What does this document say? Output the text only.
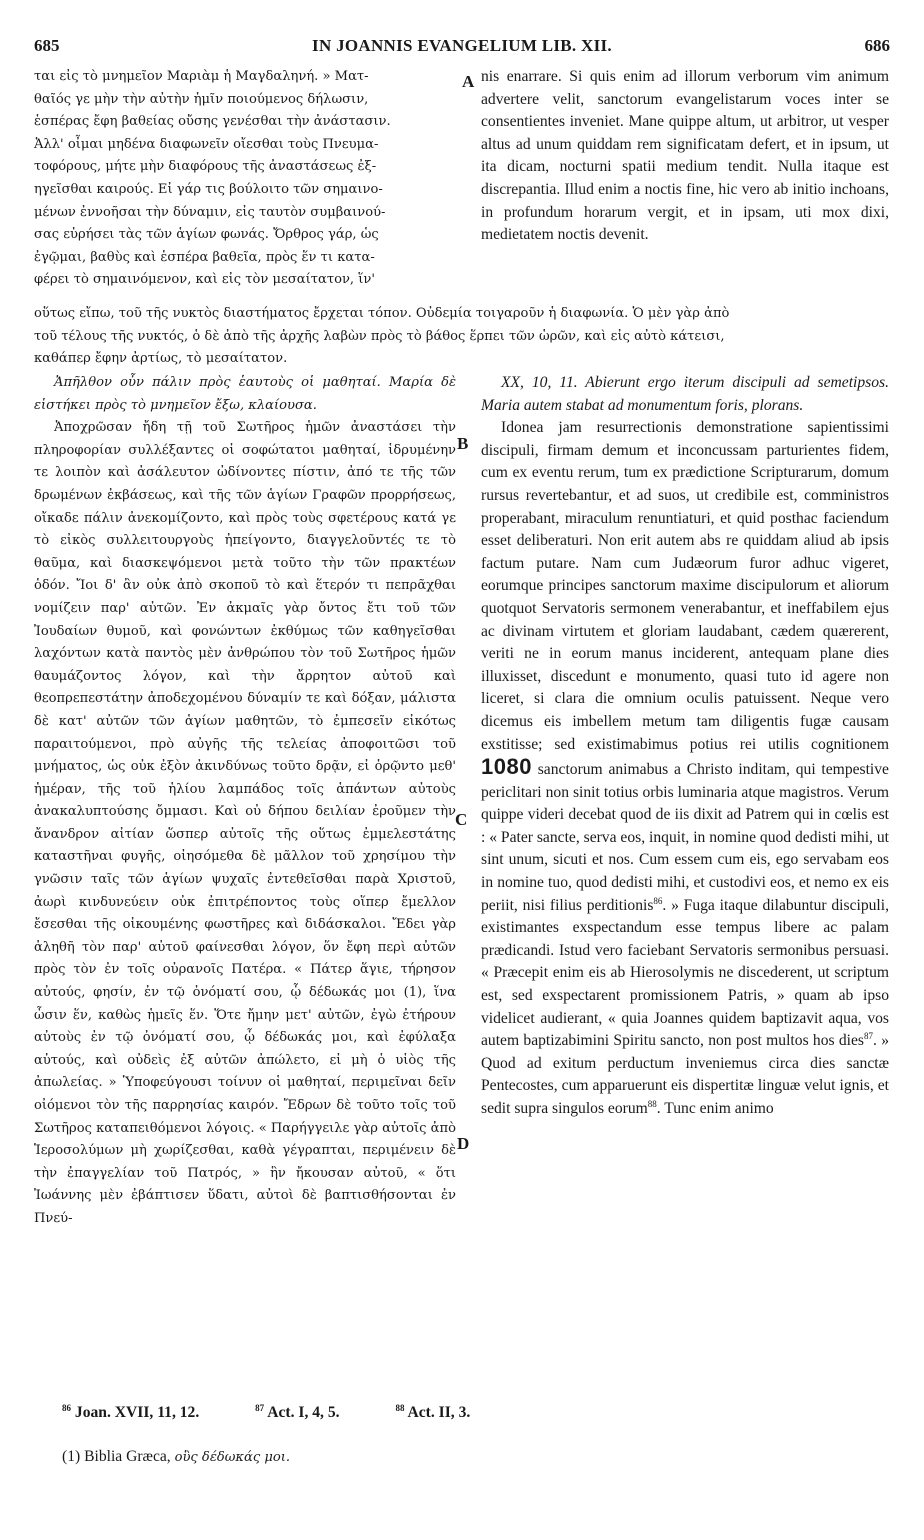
685	IN JOANNIS EVANGELIUM LIB. XII.	686
ται εἰς τὸ μνημεῖον Μαριὰμ ἡ Μαγδαληνή. » Ματ-
θαῖός γε μὴν τὴν αὐτὴν ἡμῖν ποιούμενος δήλωσιν,
ἑσπέρας ἔφη βαθείας οὔσης γενέσθαι τὴν ἀνάστασιν.
Ἀλλ' οἶμαι μηδένα διαφωνεῖν οἴεσθαι τοὺς Πνευμα-
τοφόρους, μήτε μὴν διαφόρους τῆς ἀναστάσεως ἐξ-
ηγεῖσθαι καιρούς. Εἰ γάρ τις βούλοιτο τῶν σημαινο-
μένων ἐννοῆσαι τὴν δύναμιν, εἰς ταυτὸν συμβαινού-
σας εὑρήσει τὰς τῶν ἁγίων φωνάς. Ὄρθρος γάρ, ὡς
ἐγῷμαι, βαθὺς καὶ ἑσπέρα βαθεῖα, πρὸς ἕν τι κατα-
φέρει τὸ σημαινόμενον, καὶ εἰς τὸν μεσαίτατον, ἵν'

nis enarrare. Si quis enim ad illorum verborum vim animum advertere velit, sanctorum evangelistarum voces inter se consentientes inveniet. Mane quippe altum, ut arbitror, ut vesper altus ad unum quiddam rem significatam defert, et in ipsum, ut ita dicam, nocturni spatii medium tendit. Nulla itaque est discrepantia. Illud enim a noctis fine, hic vero ab initio inchoans, in profundum horarum vergit, et in ipsam, uti mox dixi, medietatem noctis devenit.

οὕτως εἴπω, τοῦ τῆς νυκτὸς διαστήματος ἔρχεται τόπον. Οὐδεμία τοιγαροῦν ἡ διαφωνία. Ὁ μὲν γὰρ ἀπὸ
τοῦ τέλους τῆς νυκτός, ὁ δὲ ἀπὸ τῆς ἀρχῆς λαβὼν πρὸς τὸ βάθος ἕρπει τῶν ὡρῶν, καὶ εἰς αὐτὸ κάτεισι,
καθάπερ ἔφην ἀρτίως, τὸ μεσαίτατον.

Ἀπῆλθον οὖν πάλιν πρὸς ἑαυτοὺς οἱ μαθηταί. Μαρία δὲ εἱστήκει πρὸς τὸ μνημεῖον ἔξω, κλαίουσα.

Ἀποχρῶσαν ἤδη τῇ τοῦ Σωτῆρος ἡμῶν ἀναστάσει τὴν πληροφορίαν συλλέξαντες οἱ σοφώτατοι μαθηταί, ἱδρυμένην τε λοιπὸν καὶ ἀσάλευτον ὠδίνοντες πίστιν, ἀπό τε τῆς τῶν δρωμένων ἐκβάσεως, καὶ τῆς τῶν ἁγίων Γραφῶν προρρήσεως, οἴκαδε πάλιν ἀνεκομίζοντο, καὶ πρὸς τοὺς σφετέρους κατά γε τὸ εἰκὸς συλλειτουργοὺς ἠπείγοντο, διαγγελοῦντές τε τὸ θαῦμα, καὶ διασκεψόμενοι μετὰ τοῦτο τὴν τῶν πρακτέων ὁδόν. Ἴοι δ' ἂν οὐκ ἀπὸ σκοποῦ τὸ καὶ ἕτερόν τι πεπρᾶχθαι νομίζειν παρ' αὐτῶν. Ἐν ἀκμαῖς γὰρ ὄντος ἔτι τοῦ τῶν Ἰουδαίων θυμοῦ, καὶ φονώντων ἐκθύμως τῶν καθηγεῖσθαι λαχόντων κατὰ παντὸς μὲν ἀνθρώπου τὸν τοῦ Σωτῆρος ἡμῶν θαυμάζοντος λόγον, καὶ τὴν ἄρρητον αὐτοῦ καὶ θεοπρεπεστάτην ἀποδεχομένου δύναμίν τε καὶ δόξαν, μάλιστα δὲ κατ' αὐτῶν τῶν ἁγίων μαθητῶν, τὸ ἐμπεσεῖν εἰκότως παραιτούμενοι, πρὸ αὐγῆς τῆς τελείας ἀποφοιτῶσι τοῦ μνήματος, ὡς οὐκ ἐξὸν ἀκινδύνως τοῦτο δρᾷν, εἰ ὁρῷντο μεθ' ἡμέραν, τῆς τοῦ ἡλίου λαμπάδος τοῖς ἁπάντων αὐτοὺς ἀνακαλυπτούσης ὄμμασι. Καὶ οὐ δήπου δειλίαν ἐροῦμεν τὴν ἄνανδρον αἰτίαν ὥσπερ αὐτοῖς τῆς οὕτως ἐμμελεστάτης καταστῆναι φυγῆς, οἰησόμεθα δὲ μᾶλλον τοῦ χρησίμου τὴν γνῶσιν ταῖς τῶν ἁγίων ψυχαῖς ἐντεθεῖσθαι παρὰ Χριστοῦ, ἀωρὶ κινδυνεύειν οὐκ ἐπιτρέποντος τοὺς οἵπερ ἔμελλον ἔσεσθαι τῆς οἰκουμένης φωστῆρες καὶ διδάσκαλοι. Ἔδει γὰρ ἀληθῆ τὸν παρ' αὐτοῦ φαίνεσθαι λόγον, ὅν ἔφη περὶ αὐτῶν πρὸς τὸν ἐν τοῖς οὐρανοῖς Πατέρα. « Πάτερ ἅγιε, τήρησον αὐτούς, φησίν, ἐν τῷ ὀνόματί σου, ᾧ δέδωκάς μοι (1), ἵνα ὦσιν ἕν, καθὼς ἡμεῖς ἕν. Ὅτε ἤμην μετ' αὐτῶν, ἐγὼ ἐτήρουν αὐτοὺς ἐν τῷ ὀνόματί σου, ᾧ δέδωκάς μοι, καὶ ἐφύλαξα αὐτούς, καὶ οὐδεὶς ἐξ αὐτῶν ἀπώλετο, εἰ μὴ ὁ υἱὸς τῆς ἀπωλείας. » Ὑποφεύγουσι τοίνυν οἱ μαθηταί, περιμεῖναι δεῖν οἰόμενοι τὸν τῆς παρρησίας καιρόν. Ἔδρων δὲ τοῦτο τοῖς τοῦ Σωτῆρος καταπειθόμενοι λόγοις. « Παρήγγειλε γὰρ αὐτοῖς ἀπὸ Ἱεροσολύμων μὴ χωρίζεσθαι, καθὰ γέγραπται, περιμένειν δὲ τὴν ἐπαγγελίαν τοῦ Πατρός, » ἣν ἤκουσαν αὐτοῦ, « ὅτι Ἰωάννης μὲν ἐβάπτισεν ὕδατι, αὐτοὶ δὲ βαπτισθήσονται ἐν Πνεύ-

XX, 10, 11. Abierunt ergo iterum discipuli ad semetipsos. Maria autem stabat ad monumentum foris, plorans.

Idonea jam resurrectionis demonstratione sapientissimi discipuli, firmam demum et inconcussam parturientes fidem, cum ex eventu rerum, tum ex prædictione Scripturarum, domum rursus revertebantur, et ad suos, ut credibile est, comministros properabant, miraculum renuntiaturi, et quid posthac faciendum esset deliberaturi. Non erit autem abs re quiddam aliud ab ipsis factum putare. Nam cum Judæorum furor adhuc vigeret, eorumque principes sanctorum maxime discipulorum et aliorum quotquot Servatoris sermonem venerabantur, et ineffabilem ejus ac divinam virtutem et gloriam laudabant, cædem quærerent, veriti ne in eorum manus inciderent, antequam plane dies illuxisset, discedunt e monumento, quasi tuto id agere non liceret, si clara die omnium oculis patuissent. Neque vero dicemus eis imbellem metum tam diligentis fugæ causam exstitisse; sed existimabimus potius rei utilis cognitionem 1080 sanctorum animabus a Christo inditam, qui tempestive periclitari non sinit totius orbis luminaria atque magistros. Verum quippe videri decebat quod de iis dixit ad Patrem qui in cœlis est : « Pater sancte, serva eos, inquit, in nomine quod dedisti mihi, ut sint unum, sicuti et nos. Cum essem cum eis, ego servabam eos in nomine tuo, quod dedisti mihi, et custodivi eos, et nemo ex eis periit, nisi filius perditionis$^{86}$. » Fuga itaque dilabuntur discipuli, existimantes exspectandum esse tempus libere ac palam prædicandi. Istud vero faciebant Servatoris sermonibus persuasi. « Præcepit enim eis ab Hierosolymis ne discederent, ut scriptum est, sed exspectarent promissionem Patris, » quam ab ipso videlicet audierant, « quia Joannes quidem baptizavit aqua, vos autem baptizabimini Spiritu sancto, non post multos hos dies$^{87}$. » Quod ad exitum perductum inveniemus circa dies sanctæ Pentecostes, cum apparuerunt eis dispertitæ linguæ velut ignis, et sedit supra singulos eorum$^{88}$. Tunc enim animo

A
B
C
D
$^{86}$ Joan. XVII, 11, 12.	$^{87}$ Act. I, 4, 5.	$^{88}$ Act. II, 3.
(1) Biblia Græca, οὓς δέδωκάς μοι.
